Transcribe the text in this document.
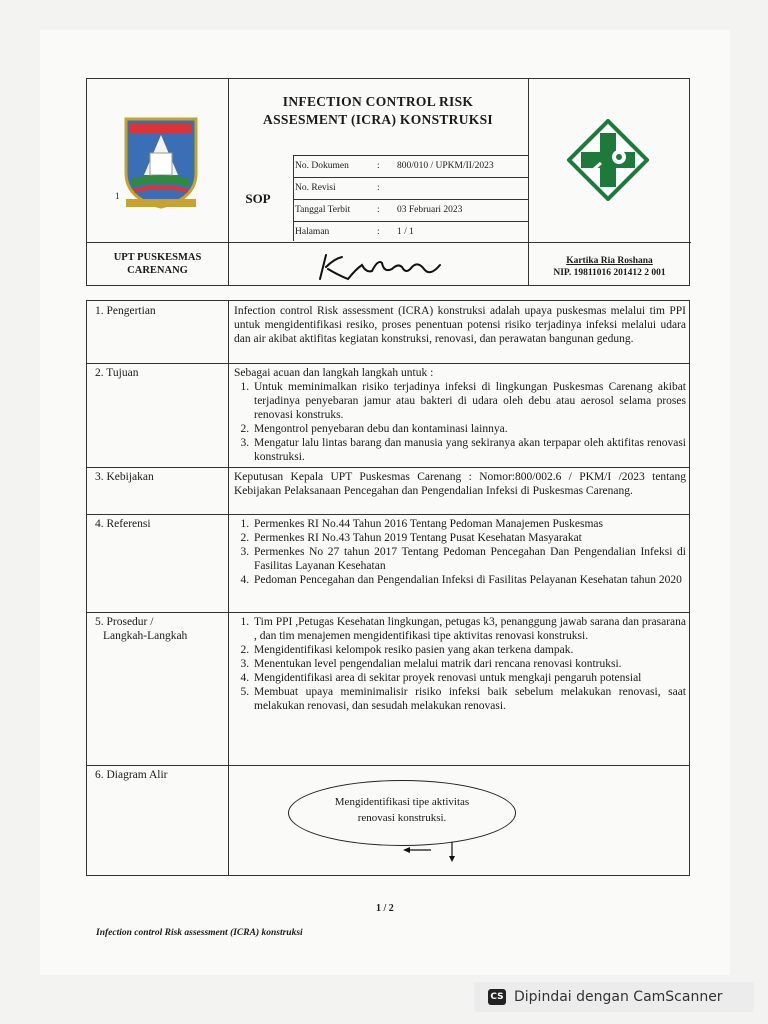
1
INFECTION CONTROL RISK
ASSESMENT (ICRA) KONSTRUKSI
SOP
No. Dokumen	: 800/010 / UPKM/II/2023
No. Revisi	:
Tanggal Terbit	: 03 Februari 2023
Halaman	: 1 / 1
UPT PUSKESMAS
CARENANG
Kartika Ria Roshana
NIP. 19811016 201412 2 001
1. Pengertian	Infection control Risk assessment (ICRA) konstruksi adalah upaya puskesmas melalui tim PPI untuk mengidentifikasi resiko, proses penentuan potensi risiko terjadinya infeksi melalui udara dan air akibat aktifitas kegiatan konstruksi, renovasi, dan perawatan bangunan gedung.
2. Tujuan	Sebagai acuan dan langkah langkah untuk :
1. Untuk meminimalkan risiko terjadinya infeksi di lingkungan Puskesmas Carenang akibat terjadinya penyebaran jamur atau bakteri di udara oleh debu atau aerosol selama proses renovasi konstruks.
2. Mengontrol penyebaran debu dan kontaminasi lainnya.
3. Mengatur lalu lintas barang dan manusia yang sekiranya akan terpapar oleh aktifitas renovasi konstruksi.
3. Kebijakan	Keputusan Kepala UPT Puskesmas Carenang : Nomor:800/002.6 / PKM/I /2023 tentang Kebijakan Pelaksanaan Pencegahan dan Pengendalian Infeksi di Puskesmas Carenang.
4. Referensi
1.	Permenkes RI No.44 Tahun 2016 Tentang Pedoman Manajemen Puskesmas
2. Permenkes RI No.43 Tahun 2019 Tentang Pusat Kesehatan Masyarakat
3. Permenkes No 27 tahun 2017 Tentang Pedoman Pencegahan Dan Pengendalian Infeksi di Fasilitas Layanan Kesehatan
4. Pedoman Pencegahan dan Pengendalian Infeksi di Fasilitas Pelayanan Kesehatan tahun 2020
5. Prosedur /
Langkah-Langkah
1. Tim PPI ,Petugas Kesehatan lingkungan, petugas k3, penanggung jawab sarana dan prasarana , dan tim menajemen mengidentifikasi tipe aktivitas renovasi konstruksi.
2. Mengidentifikasi kelompok resiko pasien yang akan terkena dampak.
3. Menentukan level pengendalian melalui matrik dari rencana renovasi kontruksi.
4. Mengidentifikasi area di sekitar proyek renovasi untuk mengkaji pengaruh potensial
5. Membuat upaya meminimalisir risiko infeksi baik sebelum melakukan renovasi, saat melakukan renovasi, dan sesudah melakukan renovasi.
6. Diagram Alir
Mengidentifikasi tipe aktivitas
renovasi konstruksi.
1 / 2
Infection control Risk assessment (ICRA) konstruksi
CS Dipindai dengan CamScanner
